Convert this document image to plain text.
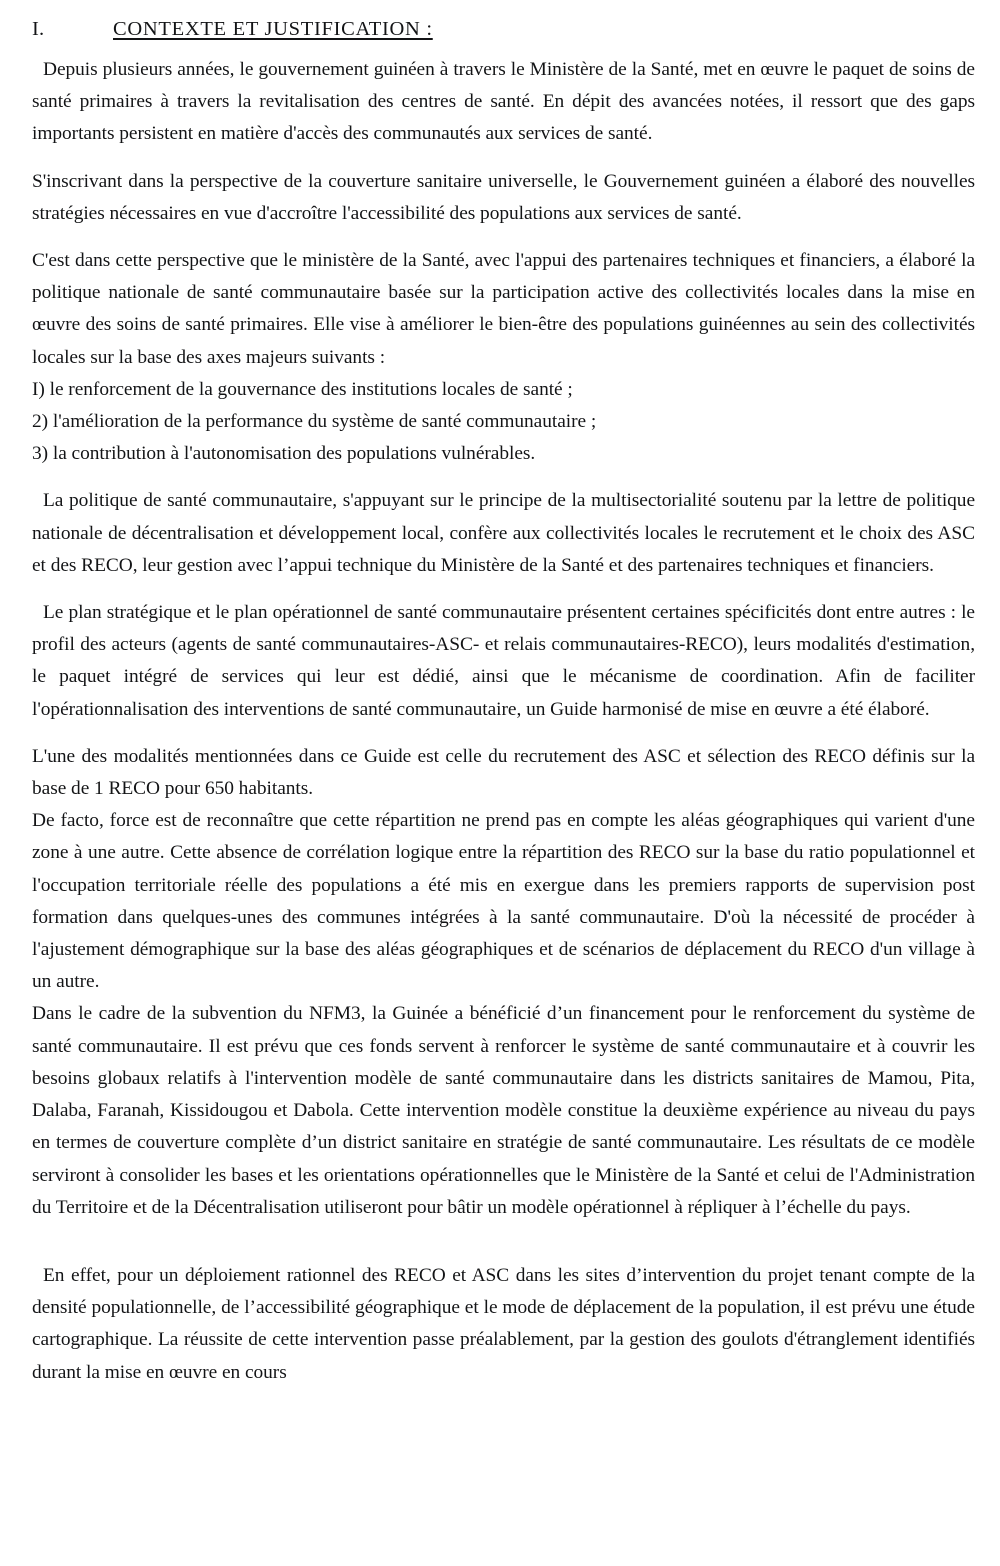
I.	CONTEXTE ET JUSTIFICATION :

Depuis plusieurs années, le gouvernement guinéen à travers le Ministère de la Santé, met en œuvre le paquet de soins de santé primaires à travers la revitalisation des centres de santé. En dépit des avancées notées, il ressort que des gaps importants persistent en matière d'accès des communautés aux services de santé.

S'inscrivant dans la perspective de la couverture sanitaire universelle, le Gouvernement guinéen a élaboré des nouvelles stratégies nécessaires en vue d'accroître l'accessibilité des populations aux services de santé.

C'est dans cette perspective que le ministère de la Santé, avec l'appui des partenaires techniques et financiers, a élaboré la politique nationale de santé communautaire basée sur la participation active des collectivités locales dans la mise en œuvre des soins de santé primaires. Elle vise à améliorer le bien-être des populations guinéennes au sein des collectivités locales sur la base des axes majeurs suivants :

I) le renforcement de la gouvernance des institutions locales de santé ;

2) l'amélioration de la performance du système de santé communautaire ;

3) la contribution à l'autonomisation des populations vulnérables.

La politique de santé communautaire, s'appuyant sur le principe de la multisectorialité soutenu par la lettre de politique nationale de décentralisation et développement local, confère aux collectivités locales le recrutement et le choix des ASC et des RECO, leur gestion avec l’appui technique du Ministère de la Santé et des partenaires techniques et financiers.

Le plan stratégique et le plan opérationnel de santé communautaire présentent certaines spécificités dont entre autres : le profil des acteurs (agents de santé communautaires-ASC- et relais communautaires-RECO), leurs modalités d'estimation, le paquet intégré de services qui leur est dédié, ainsi que le mécanisme de coordination. Afin de faciliter l'opérationnalisation des interventions de santé communautaire, un Guide harmonisé de mise en œuvre a été élaboré.

L'une des modalités mentionnées dans ce Guide est celle du recrutement des ASC et sélection des RECO définis sur la base de 1 RECO pour 650 habitants.

De facto, force est de reconnaître que cette répartition ne prend pas en compte les aléas géographiques qui varient d'une zone à une autre. Cette absence de corrélation logique entre la répartition des RECO sur la base du ratio populationnel et l'occupation territoriale réelle des populations a été mis en exergue dans les premiers rapports de supervision post formation dans quelques-unes des communes intégrées à la santé communautaire. D'où la nécessité de procéder à l'ajustement démographique sur la base des aléas géographiques et de scénarios de déplacement du RECO d'un village à un autre.

Dans le cadre de la subvention du NFM3, la Guinée a bénéficié d’un financement pour le renforcement du système de santé communautaire. Il est prévu que ces fonds servent à renforcer le système de santé communautaire et à couvrir les besoins globaux relatifs à l'intervention modèle de santé communautaire dans les districts sanitaires de Mamou, Pita, Dalaba, Faranah, Kissidougou et Dabola. Cette intervention modèle constitue la deuxième expérience au niveau du pays en termes de couverture complète d’un district sanitaire en stratégie de santé communautaire. Les résultats de ce modèle serviront à consolider les bases et les orientations opérationnelles que le Ministère de la Santé et celui de l'Administration du Territoire et de la Décentralisation utiliseront pour bâtir un modèle opérationnel à répliquer à l’échelle du pays.

En effet, pour un déploiement rationnel des RECO et ASC dans les sites d’intervention du projet tenant compte de la densité populationnelle, de l’accessibilité géographique et le mode de déplacement de la population, il est prévu une étude cartographique. La réussite de cette intervention passe préalablement, par la gestion des goulots d'étranglement identifiés durant la mise en œuvre en cours
